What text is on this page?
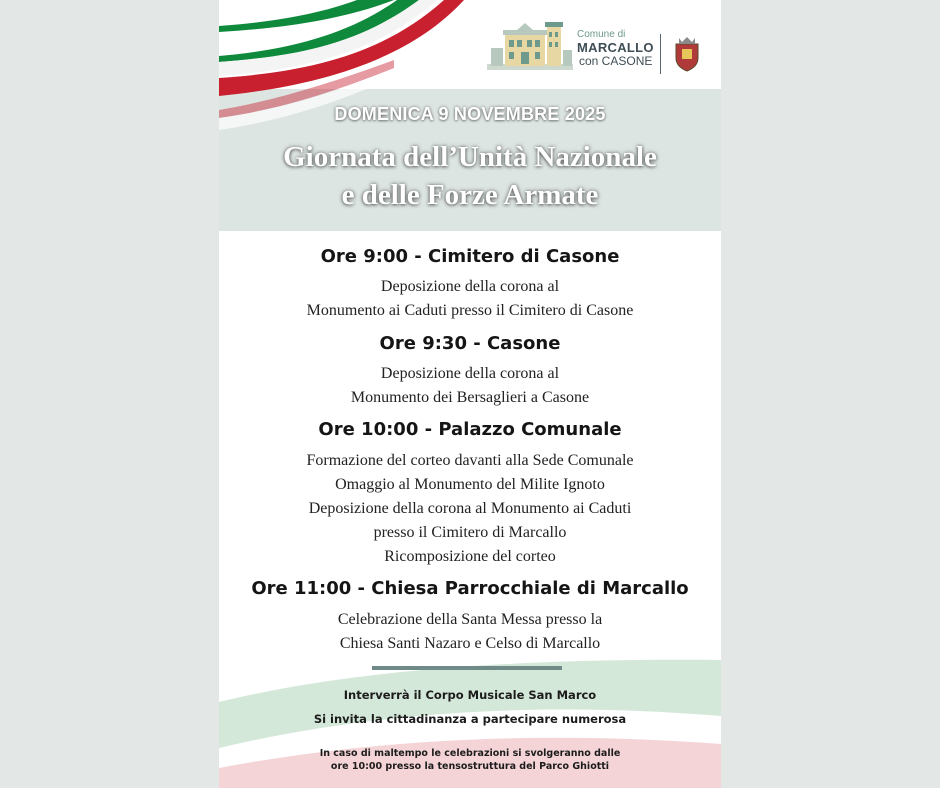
Comune di
MARCALLO
con CASONE
DOMENICA 9 NOVEMBRE 2025
Giornata dell’Unità Nazionale
e delle Forze Armate
Ore 9:00 - Cimitero di Casone
Deposizione della corona al
Monumento ai Caduti presso il Cimitero di Casone
Ore 9:30 - Casone
Deposizione della corona al
Monumento dei Bersaglieri a Casone
Ore 10:00 - Palazzo Comunale
Formazione del corteo davanti alla Sede Comunale
Omaggio al Monumento del Milite Ignoto
Deposizione della corona al Monumento ai Caduti
presso il Cimitero di Marcallo
Ricomposizione del corteo
Ore 11:00 - Chiesa Parrocchiale di Marcallo
Celebrazione della Santa Messa presso la
Chiesa Santi Nazaro e Celso di Marcallo
Interverrà il Corpo Musicale San Marco
Si invita la cittadinanza a partecipare numerosa
In caso di maltempo le celebrazioni si svolgeranno dalle
ore 10:00 presso la tensostruttura del Parco Ghiotti
